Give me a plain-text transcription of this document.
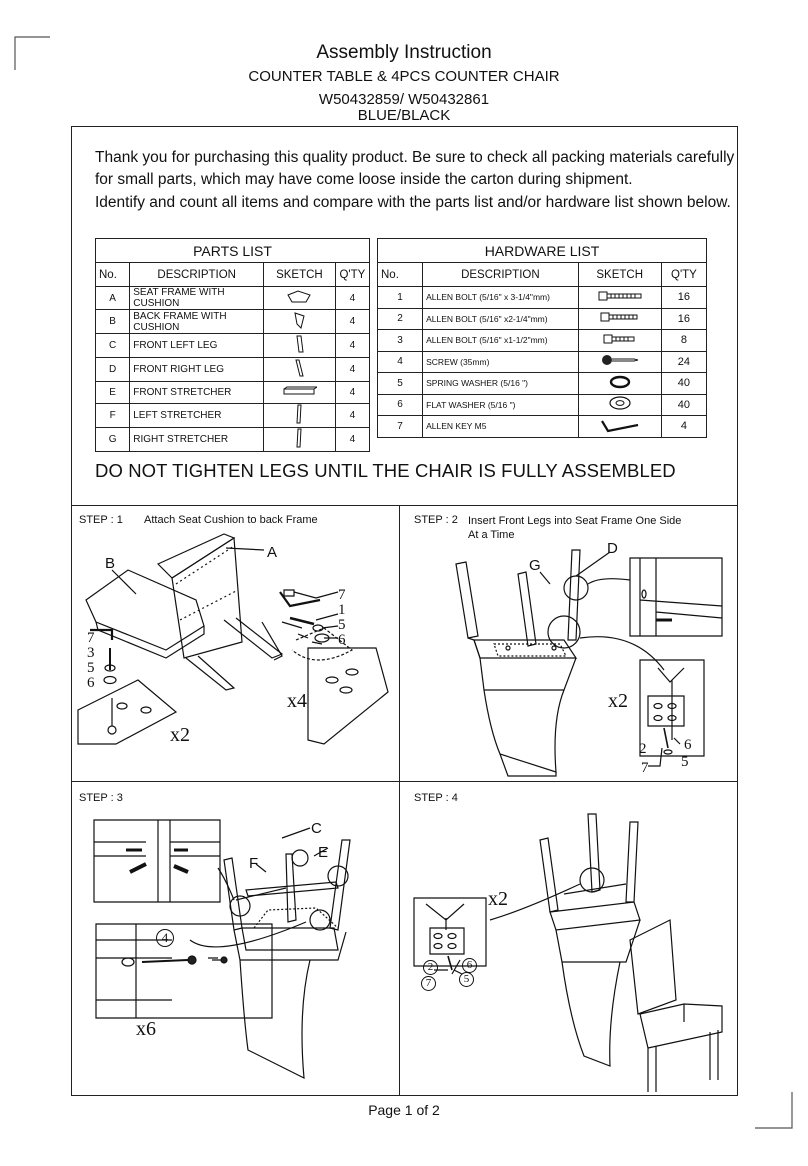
Assembly Instruction
COUNTER TABLE & 4PCS COUNTER CHAIR
W50432859/ W50432861
BLUE/BLACK
Thank you for purchasing this quality product. Be sure to check all packing materials carefully for small parts, which may have come loose inside the carton during shipment.
Identify and count all items and compare with the parts list and/or hardware list shown below.
PARTS LIST			
No.	DESCRIPTION	SKETCH	Q'TY
A	SEAT FRAME WITH CUSHION		4
B	BACK FRAME WITH CUSHION		4
C	FRONT LEFT LEG		4
D	FRONT RIGHT LEG		4
E	FRONT STRETCHER		4
F	LEFT STRETCHER		4
G	RIGHT STRETCHER		4
HARDWARE LIST			
No.	DESCRIPTION	SKETCH	Q'TY
1	ALLEN BOLT (5/16" x 3-1/4"mm)		16
2	ALLEN BOLT (5/16" x2-1/4"mm)		16
3	ALLEN BOLT (5/16" x1-1/2"mm)		8
4	SCREW (35mm)		24
5	SPRING WASHER (5/16 ")		40
6	FLAT WASHER (5/16 ")		40
7	ALLEN KEY M5		4
DO NOT TIGHTEN LEGS UNTIL THE CHAIR IS FULLY ASSEMBLED
STEP : 1 Attach Seat Cushion to back Frame
A
B
7
1
5
6
7
3
5
6
x4
x2
STEP : 2 Insert Front Legs into Seat Frame One Side At a Time
D
G
x2
2	6
5
7
STEP : 3
C
E
F
4
x6
STEP : 4
x2
2	6
5
7
Page 1 of 2
